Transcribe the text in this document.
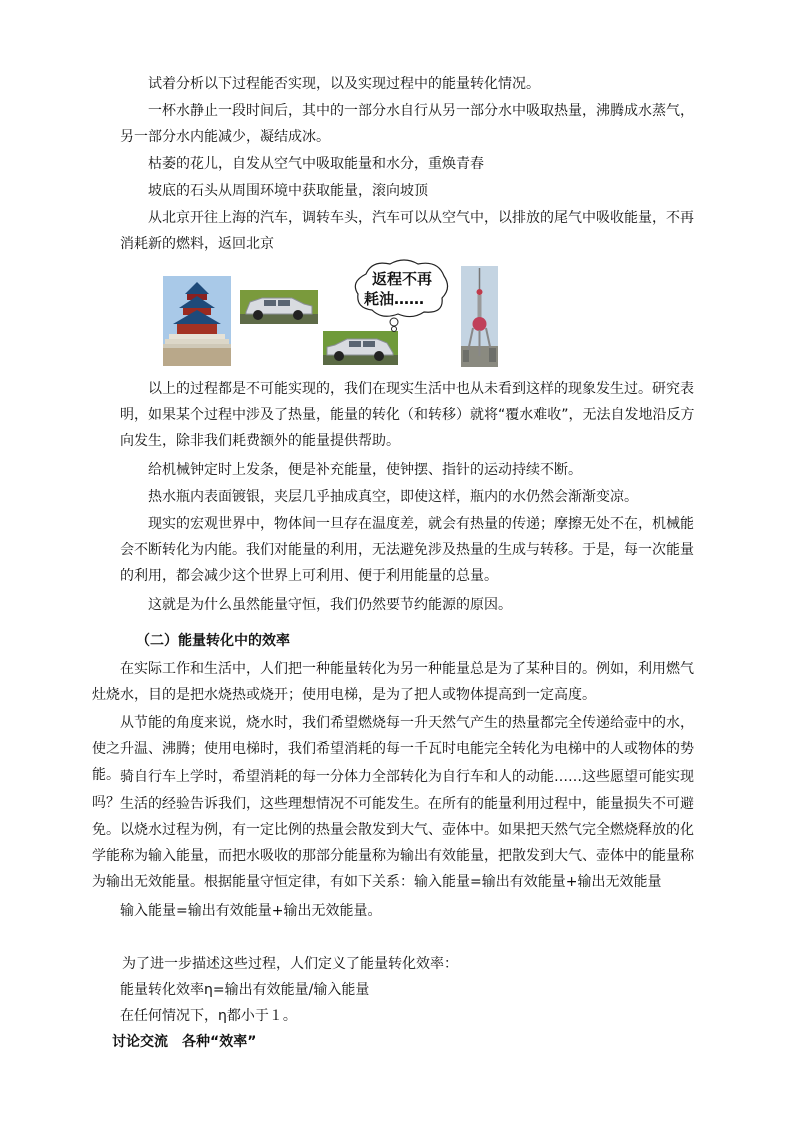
试着分析以下过程能否实现，以及实现过程中的能量转化情况。

一杯水静止一段时间后，其中的一部分水自行从另一部分水中吸取热量，沸腾成水蒸气，另一部分水内能减少，凝结成冰。

枯萎的花儿，自发从空气中吸取能量和水分，重焕青春

坡底的石头从周围环境中获取能量，滚向坡顶

从北京开往上海的汽车，调转车头，汽车可以从空气中，以排放的尾气中吸收能量，不再消耗新的燃料，返回北京

返程不再
耗油……

以上的过程都是不可能实现的，我们在现实生活中也从未看到这样的现象发生过。研究表明，如果某个过程中涉及了热量，能量的转化（和转移）就将“覆水难收”，无法自发地沿反方向发生，除非我们耗费额外的能量提供帮助。

给机械钟定时上发条，便是补充能量，使钟摆、指针的运动持续不断。

热水瓶内表面镀银，夹层几乎抽成真空，即使这样，瓶内的水仍然会渐渐变凉。

现实的宏观世界中，物体间一旦存在温度差，就会有热量的传递；摩擦无处不在，机械能会不断转化为内能。我们对能量的利用，无法避免涉及热量的生成与转移。于是，每一次能量的利用，都会减少这个世界上可利用、便于利用能量的总量。

这就是为什么虽然能量守恒，我们仍然要节约能源的原因。

（二）能量转化中的效率

在实际工作和生活中，人们把一种能量转化为另一种能量总是为了某种目的。例如，利用燃气灶烧水，目的是把水烧热或烧开；使用电梯，是为了把人或物体提高到一定高度。

从节能的角度来说，烧水时，我们希望燃烧每一升天然气产生的热量都完全传递给壶中的水，使之升温、沸腾；使用电梯时，我们希望消耗的每一千瓦时电能完全转化为电梯中的人或物体的势能。 骑自行车上学时，希望消耗的每一分体力全部转化为自行车和人的动能……这些愿望可能实现吗？ 生活的经验告诉我们，这些理想情况不可能发生。在所有的能量利用过程中，能量损失不可避免。以烧水过程为例，有一定比例的热量会散发到大气、壶体中。如果把天然气完全燃烧释放的化学能称为输入能量，而把水吸收的那部分能量称为输出有效能量，把散发到大气、壶体中的能量称为输出无效能量。根据能量守恒定律，有如下关系：输入能量=输出有效能量+输出无效能量

输入能量=输出有效能量+输出无效能量。

为了进一步描述这些过程，人们定义了能量转化效率：

能量转化效率η=输出有效能量/输入能量

在任何情况下，η都小于１。

讨论交流　各种“效率”
